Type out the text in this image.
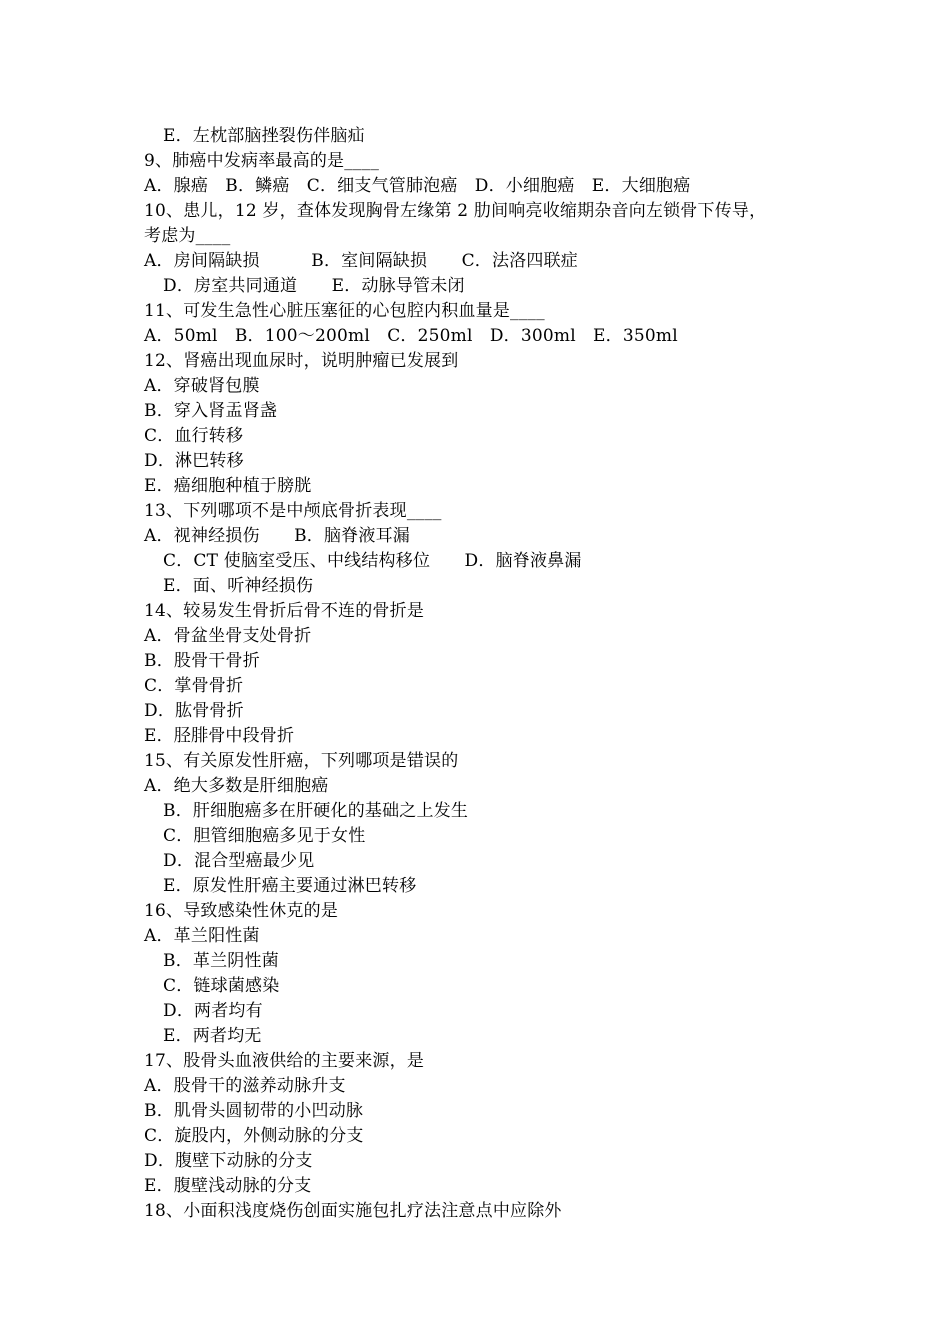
E．左枕部脑挫裂伤伴脑疝
9、肺癌中发病率最高的是____
A．腺癌　B．鳞癌　C．细支气管肺泡癌　D．小细胞癌　E．大细胞癌
10、患儿，12 岁，查体发现胸骨左缘第 2 肋间响亮收缩期杂音向左锁骨下传导，
考虑为____
A．房间隔缺损　　　B．室间隔缺损　　C．法洛四联症
D．房室共同通道　　E．动脉导管未闭
11、可发生急性心脏压塞征的心包腔内积血量是____
A．50ml　B．100～200ml　C．250ml　D．300ml　E．350ml
12、肾癌出现血尿时，说明肿瘤已发展到
A．穿破肾包膜
B．穿入肾盂肾盏
C．血行转移
D．淋巴转移
E．癌细胞种植于膀胱
13、下列哪项不是中颅底骨折表现____
A．视神经损伤　　B．脑脊液耳漏
C．CT 使脑室受压、中线结构移位　　D．脑脊液鼻漏
E．面、听神经损伤
14、较易发生骨折后骨不连的骨折是
A．骨盆坐骨支处骨折
B．股骨干骨折
C．掌骨骨折
D．肱骨骨折
E．胫腓骨中段骨折
15、有关原发性肝癌，下列哪项是错误的
A．绝大多数是肝细胞癌
B．肝细胞癌多在肝硬化的基础之上发生
C．胆管细胞癌多见于女性
D．混合型癌最少见
E．原发性肝癌主要通过淋巴转移
16、导致感染性休克的是
A．革兰阳性菌
B．革兰阴性菌
C．链球菌感染
D．两者均有
E．两者均无
17、股骨头血液供给的主要来源，是
A．股骨干的滋养动脉升支
B．肌骨头圆韧带的小凹动脉
C．旋股内，外侧动脉的分支
D．腹壁下动脉的分支
E．腹壁浅动脉的分支
18、小面积浅度烧伤创面实施包扎疗法注意点中应除外
